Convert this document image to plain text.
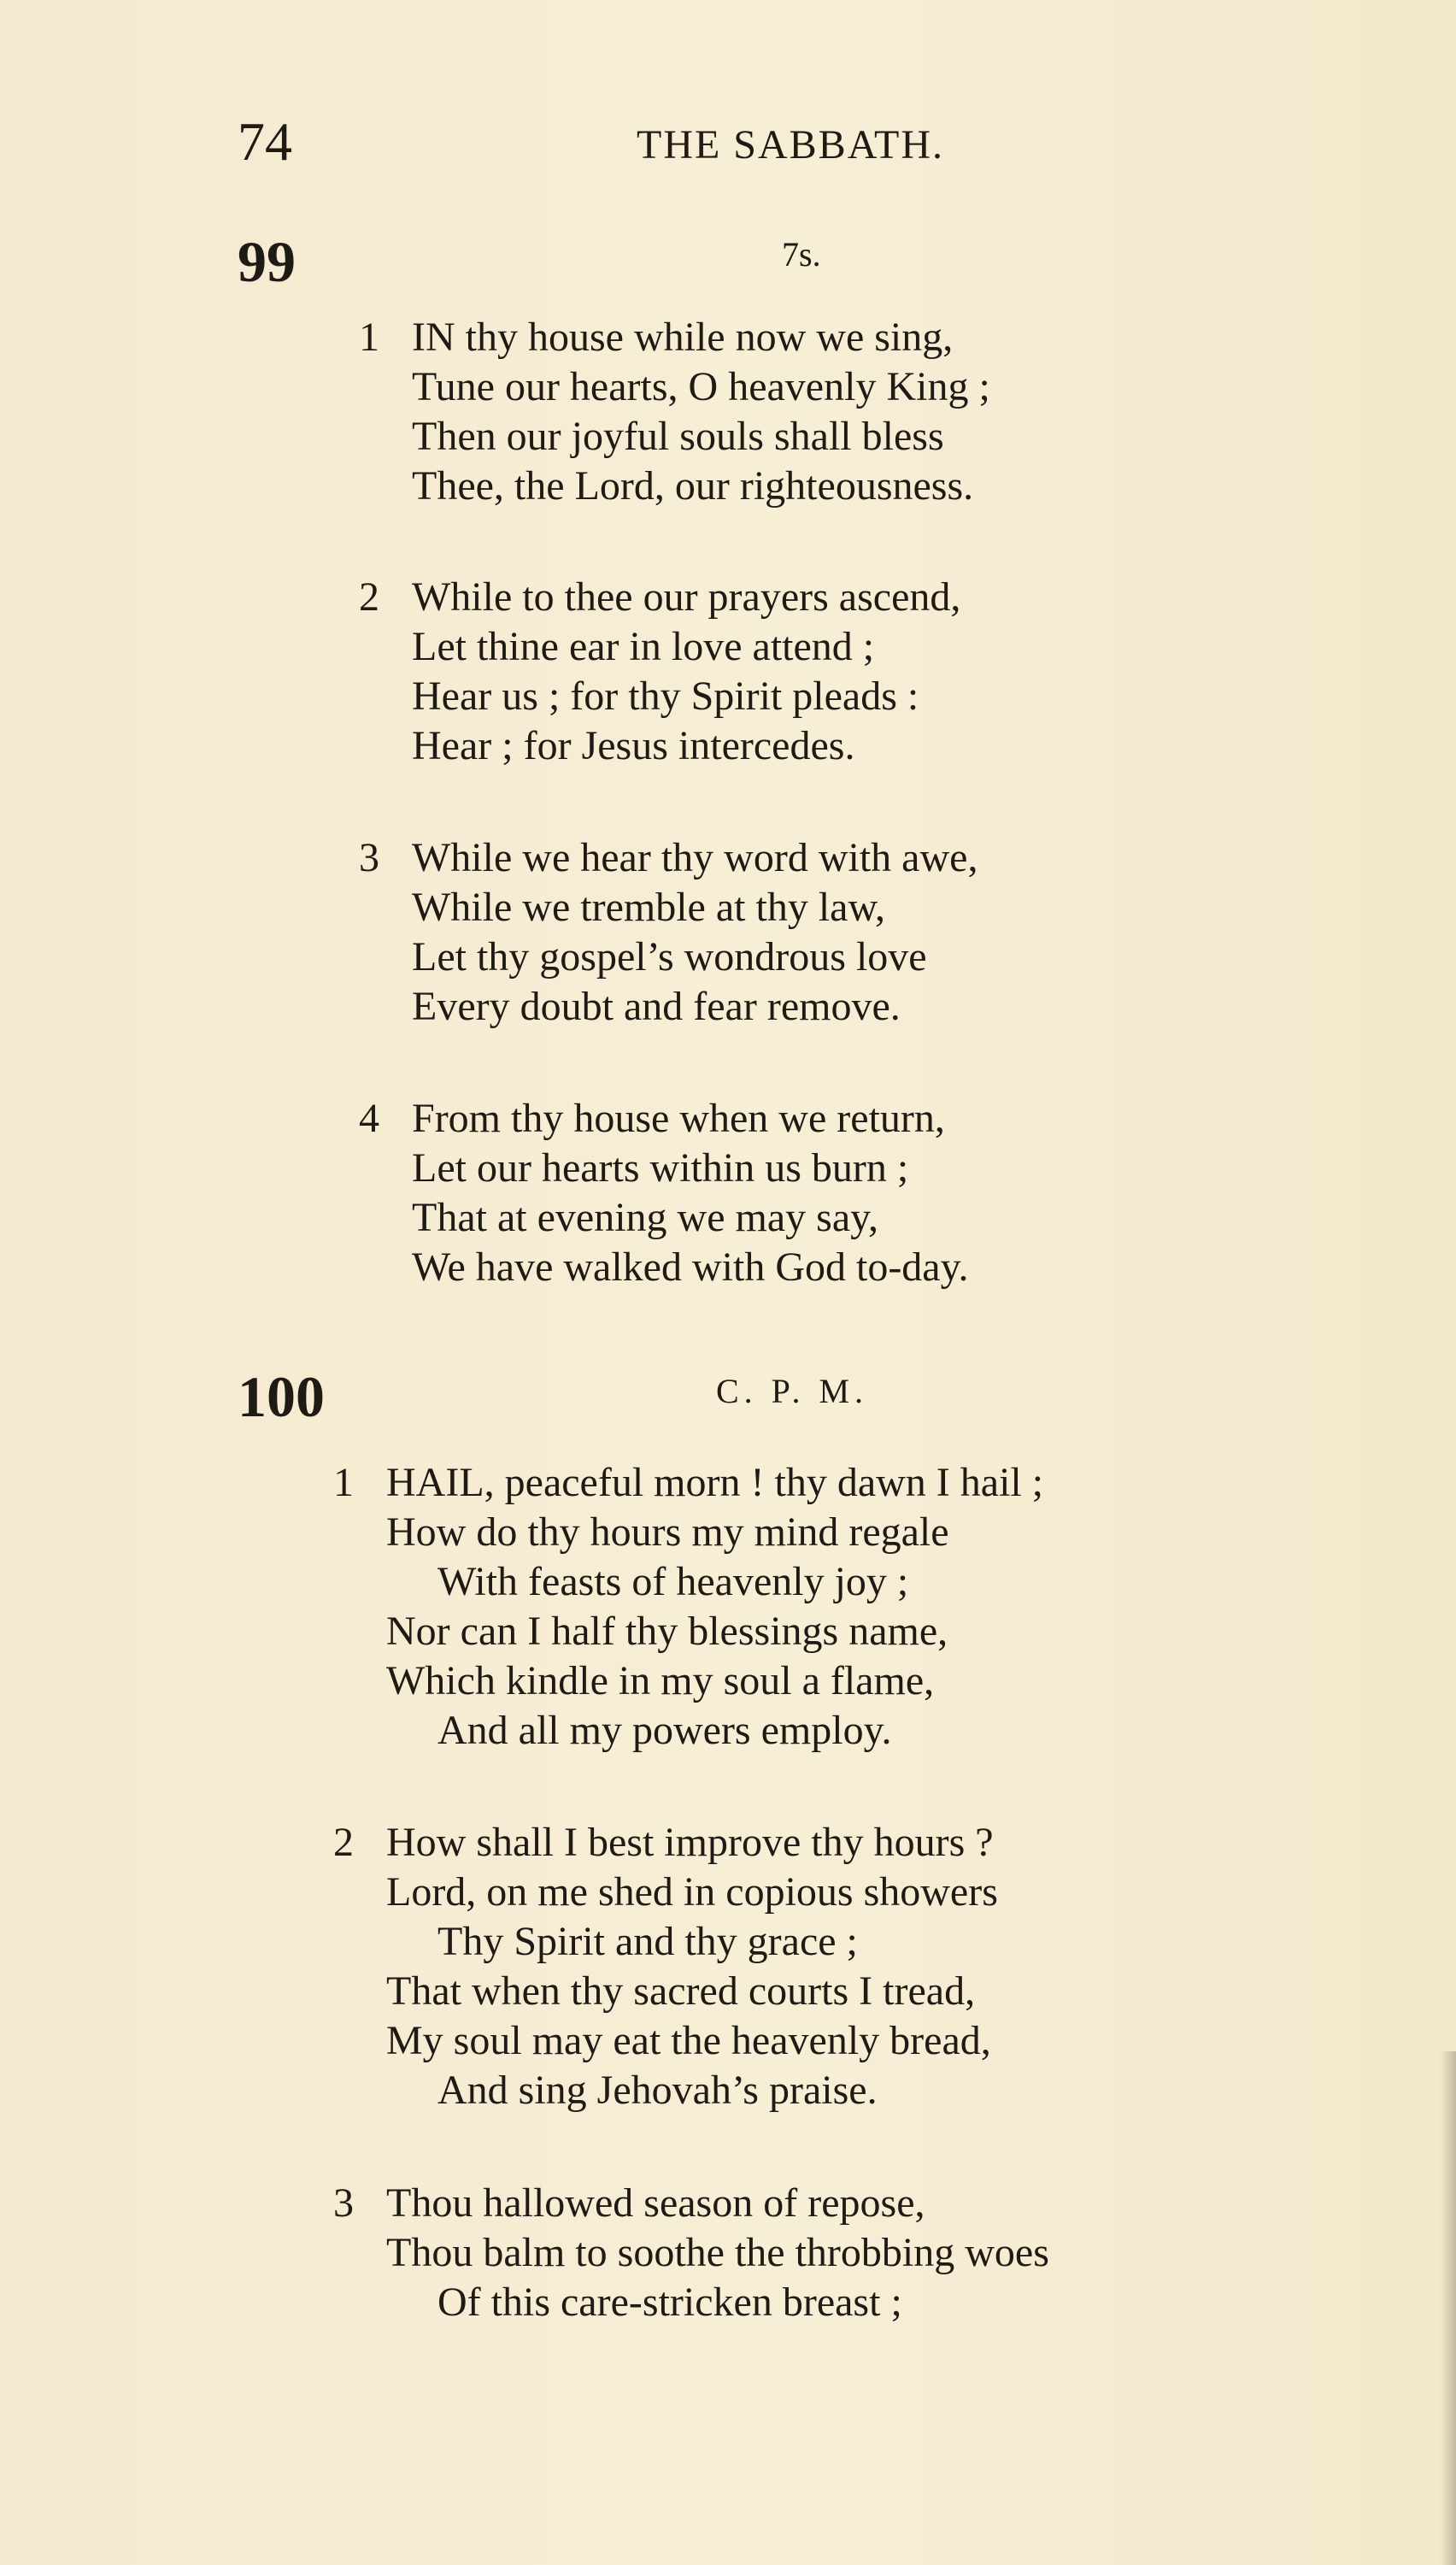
74	THE SABBATH.
99	7s.
1 IN thy house while now we sing,
Tune our hearts, O heavenly King ;
Then our joyful souls shall bless
Thee, the Lord, our righteousness.
2 While to thee our prayers ascend,
Let thine ear in love attend ;
Hear us ; for thy Spirit pleads :
Hear ; for Jesus intercedes.
3 While we hear thy word with awe,
While we tremble at thy law,
Let thy gospel’s wondrous love
Every doubt and fear remove.
4 From thy house when we return,
Let our hearts within us burn ;
That at evening we may say,
We have walked with God to-day.
100	C. P. M.
1 HAIL, peaceful morn ! thy dawn I hail ;
How do thy hours my mind regale
With feasts of heavenly joy ;
Nor can I half thy blessings name,
Which kindle in my soul a flame,
And all my powers employ.
2 How shall I best improve thy hours ?
Lord, on me shed in copious showers
Thy Spirit and thy grace ;
That when thy sacred courts I tread,
My soul may eat the heavenly bread,
And sing Jehovah’s praise.
3 Thou hallowed season of repose,
Thou balm to soothe the throbbing woes
Of this care-stricken breast ;
